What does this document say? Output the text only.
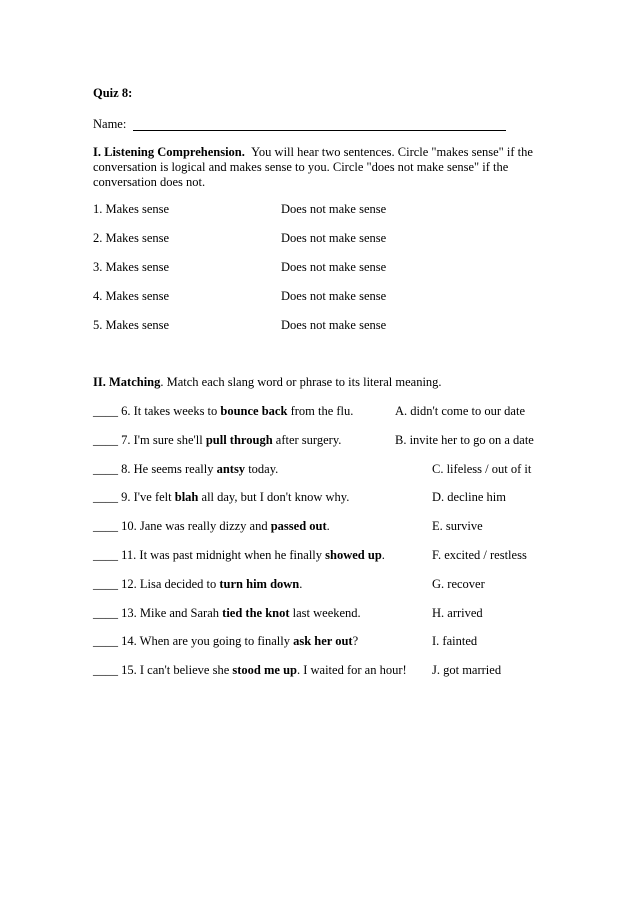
Quiz 8:
Name:
I. Listening Comprehension. You will hear two sentences. Circle "makes sense" if the conversation is logical and makes sense to you. Circle "does not make sense" if the conversation does not.
1. Makes sense	Does not make sense
2. Makes sense	Does not make sense
3. Makes sense	Does not make sense
4. Makes sense	Does not make sense
5. Makes sense	Does not make sense
II. Matching. Match each slang word or phrase to its literal meaning.
____ 6. It takes weeks to bounce back from the flu.	A. didn't come to our date
____ 7. I'm sure she'll pull through after surgery.	B. invite her to go on a date
____ 8. He seems really antsy today.	C. lifeless / out of it
____ 9. I've felt blah all day, but I don't know why.	D. decline him
____ 10. Jane was really dizzy and passed out.	E. survive
____ 11. It was past midnight when he finally showed up.	F. excited / restless
____ 12. Lisa decided to turn him down.	G. recover
____ 13. Mike and Sarah tied the knot last weekend.	H. arrived
____ 14. When are you going to finally ask her out?	I. fainted
____ 15. I can't believe she stood me up. I waited for an hour! J. got married
